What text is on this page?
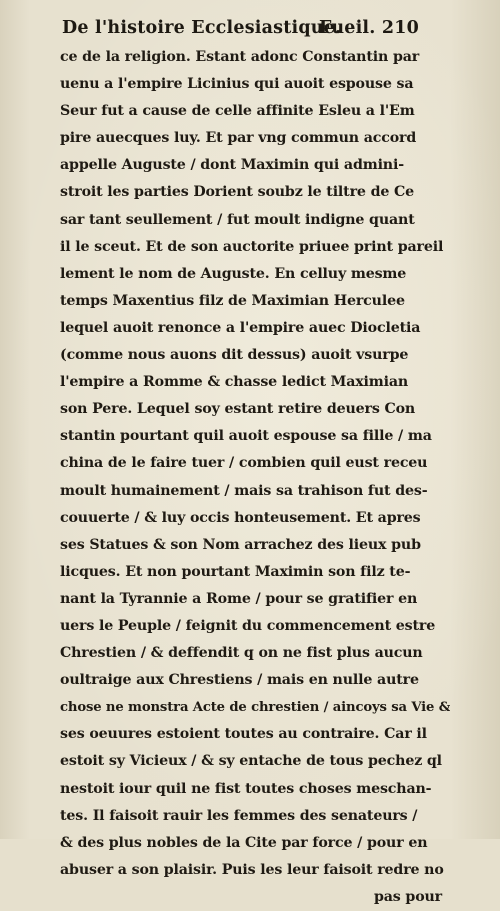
De l'histoire Ecclesiastique.
Fueil. 210
ce de la religion. Estant adonc Constantin par
uenu a l'empire Licinius qui auoit espouse sa
Seur fut a cause de celle affinite Esleu a l'Em
pire auecques luy. Et par vng commun accord
appelle Auguste / dont Maximin qui admini-
stroit les parties Dorient soubz le tiltre de Ce
sar tant seullement / fut moult indigne quant
il le sceut. Et de son auctorite priuee print pareil
lement le nom de Auguste. En celluy mesme
temps Maxentius filz de Maximian Herculee
lequel auoit renonce a l'empire auec Diocletia
(comme nous auons dit dessus) auoit vsurpe
l'empire a Romme & chasse ledict Maximian
son Pere. Lequel soy estant retire deuers Con
stantin pourtant quil auoit espouse sa fille / ma
china de le faire tuer / combien quil eust receu
moult humainement / mais sa trahison fut des-
couuerte / & luy occis honteusement. Et apres
ses Statues & son Nom arrachez des lieux pub
licques. Et non pourtant Maximin son filz te-
nant la Tyrannie a Rome / pour se gratifier en
uers le Peuple / feignit du commencement estre
Chrestien / & deffendit q on ne fist plus aucun
oultraige aux Chrestiens / mais en nulle autre
chose ne monstra Acte de chrestien / aincoys sa Vie &
ses oeuures estoient toutes au contraire. Car il
estoit sy Vicieux / & sy entache de tous pechez ql
nestoit iour quil ne fist toutes choses meschan-
tes. Il faisoit rauir les femmes des senateurs /
& des plus nobles de la Cite par force / pour en
abuser a son plaisir. Puis les leur faisoit redre no
pas pour
